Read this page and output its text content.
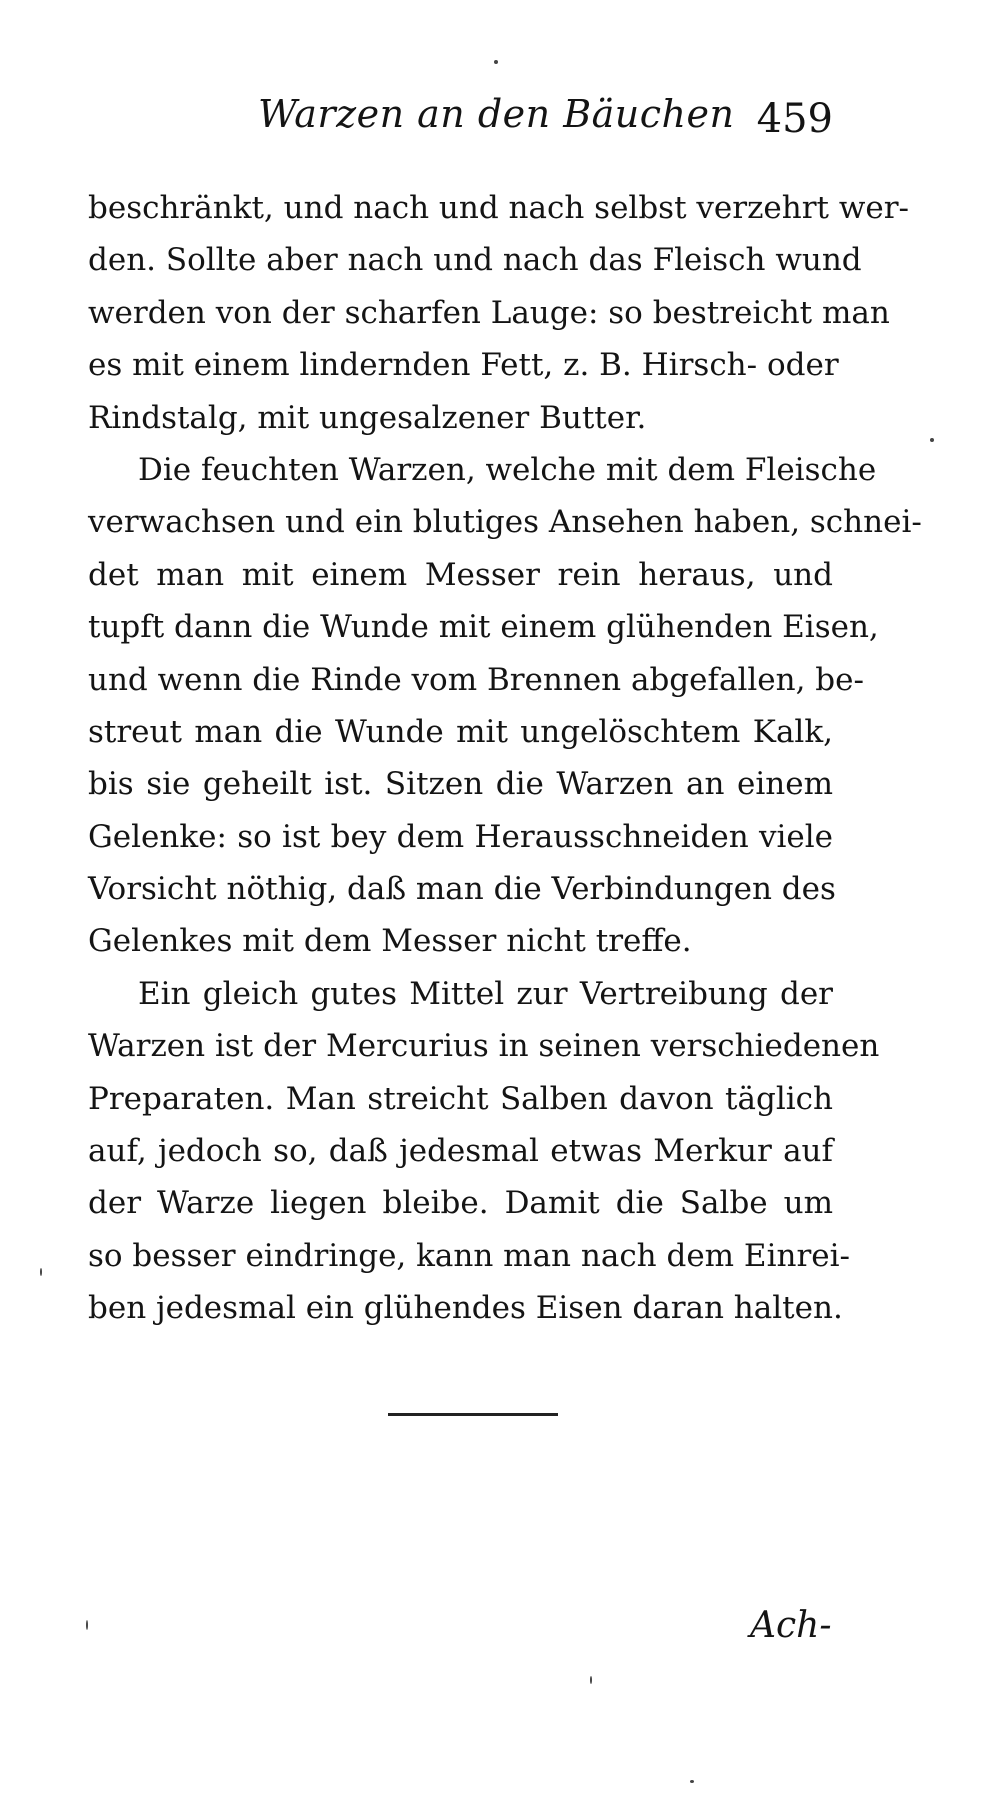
Warzen an den Bäuchen 459
beschränkt, und nach und nach selbst verzehrt wer-
den. Sollte aber nach und nach das Fleisch wund
werden von der scharfen Lauge: so bestreicht man
es mit einem lindernden Fett, z. B. Hirsch- oder
Rindstalg, mit ungesalzener Butter.
Die feuchten Warzen, welche mit dem Fleische
verwachsen und ein blutiges Ansehen haben, schnei-
det man mit einem Messer rein heraus, und
tupft dann die Wunde mit einem glühenden Eisen,
und wenn die Rinde vom Brennen abgefallen, be-
streut man die Wunde mit ungelöschtem Kalk,
bis sie geheilt ist. Sitzen die Warzen an einem
Gelenke: so ist bey dem Herausschneiden viele
Vorsicht nöthig, daß man die Verbindungen des
Gelenkes mit dem Messer nicht treffe.
Ein gleich gutes Mittel zur Vertreibung der
Warzen ist der Mercurius in seinen verschiedenen
Preparaten. Man streicht Salben davon täglich
auf, jedoch so, daß jedesmal etwas Merkur auf
der Warze liegen bleibe. Damit die Salbe um
so besser eindringe, kann man nach dem Einrei-
ben jedesmal ein glühendes Eisen daran halten.
Ach-
